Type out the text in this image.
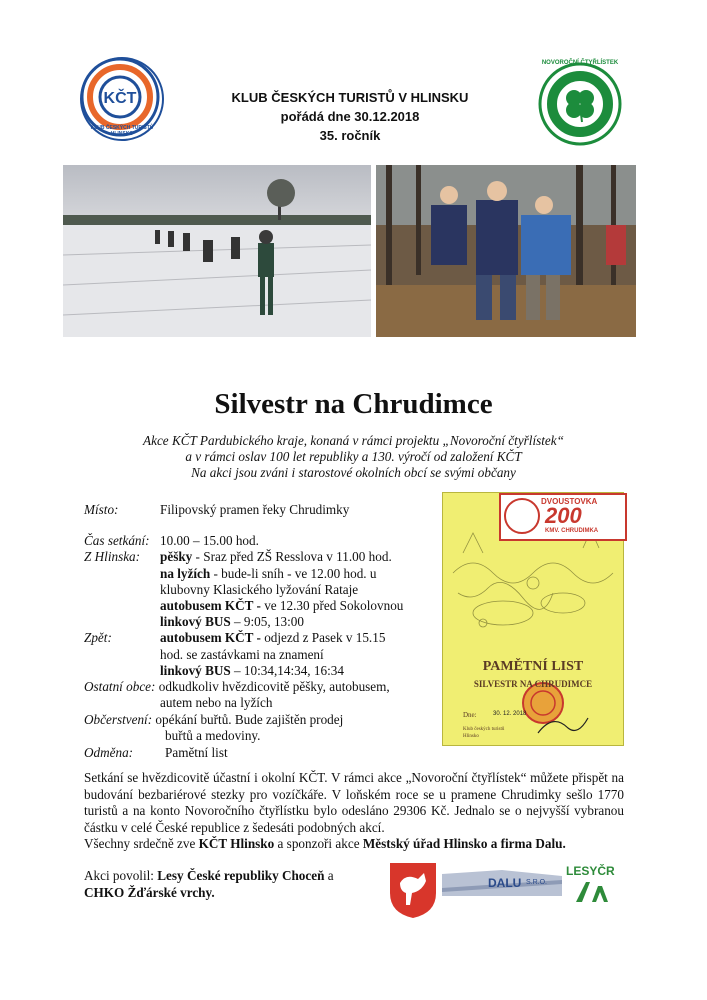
KČT
KLUB ČESKÝCH TURISTŮ HLINSKO
KLUB ČESKÝCH TURISTŮ V HLINSKU
pořádá dne 30.12.2018
35. ročník
NOVOROČNÍ ČTYŘLÍSTEK
Silvestr na Chrudimce
Akce KČT Pardubického kraje, konaná v rámci projektu „Novoroční čtyřlístek“
a v rámci oslav 100 let republiky a 130. výročí od založení KČT
Na akci jsou zváni i starostové okolních obcí se svými občany
Místo:	Filipovský pramen řeky Chrudimky
Čas setkání: 10.00 – 15.00 hod.
Z Hlinska: pěšky - Sraz před ZŠ Resslova v 11.00 hod.
na lyžích - bude-li sníh - ve 12.00 hod. u
klubovny Klasického lyžování Rataje
autobusem KČT - ve 12.30 před Sokolovnou
linkový BUS – 9:05, 13:00
Zpět:	autobusem KČT - odjezd z Pasek v 15.15
hod. se zastávkami na znamení
linkový BUS – 10:34,14:34, 16:34
Ostatní obce: odkudkoliv hvězdicovitě pěšky, autobusem,
autem nebo na lyžích
Občerstvení: opékání buřtů. Bude zajištěn prodej
buřtů a medoviny.
Odměna: Pamětní list
DVOUSTOVKA
200
KMV. CHRUDIMKA
PAMĚTNÍ LIST
SILVESTR NA CHRUDIMCE
Dne:	30. 12. 2018
Klub českých turistů
Hlinsko

Setkání se hvězdicovitě účastní i okolní KČT. V rámci akce „Novoroční čtyřlístek“ můžete přispět na budování bezbariérové stezky pro vozíčkáře. V loňském roce se u pramene Chrudimky sešlo 1770 turistů a na konto Novoročního čtyřlístku bylo odesláno 29306 Kč. Jednalo se o nejvyšší vybranou částku v celé České republice z šedesáti podobných akcí.

Všechny srdečně zve KČT Hlinsko a sponzoři akce Městský úřad Hlinsko a firma Dalu.

Akci povolil: Lesy České republiky Choceň a
CHKO Žďárské vrchy.
DALU S.R.O.
LESYČR
